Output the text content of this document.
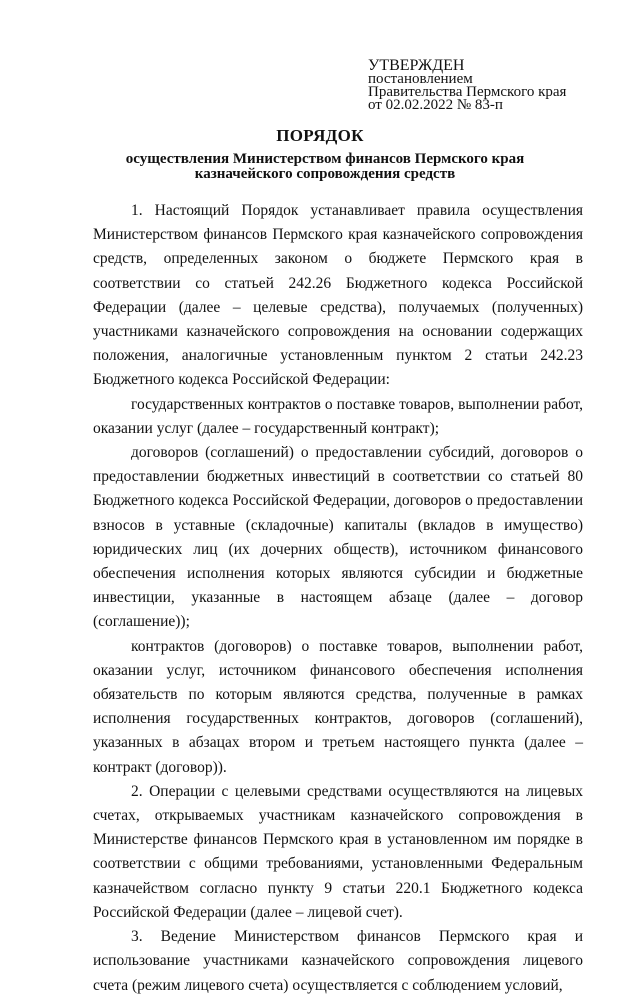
УТВЕРЖДЕН
постановлением
Правительства Пермского края
от 02.02.2022 № 83-п
ПОРЯДОК
осуществления Министерством финансов Пермского края
казначейского сопровождения средств

1. Настоящий Порядок устанавливает правила осуществления Министерством финансов Пермского края казначейского сопровождения средств, определенных законом о бюджете Пермского края в соответствии со статьей 242.26 Бюджетного кодекса Российской Федерации (далее – целевые средства), получаемых (полученных) участниками казначейского сопровождения на основании содержащих положения, аналогичные установленным пунктом 2 статьи 242.23 Бюджетного кодекса Российской Федерации:

государственных контрактов о поставке товаров, выполнении работ, оказании услуг (далее – государственный контракт);

договоров (соглашений) о предоставлении субсидий, договоров о предоставлении бюджетных инвестиций в соответствии со статьей 80 Бюджетного кодекса Российской Федерации, договоров о предоставлении взносов в уставные (складочные) капиталы (вкладов в имущество) юридических лиц (их дочерних обществ), источником финансового обеспечения исполнения которых являются субсидии и бюджетные инвестиции, указанные в настоящем абзаце (далее – договор (соглашение));

контрактов (договоров) о поставке товаров, выполнении работ, оказании услуг, источником финансового обеспечения исполнения обязательств по которым являются средства, полученные в рамках исполнения государственных контрактов, договоров (соглашений), указанных в абзацах втором и третьем настоящего пункта (далее – контракт (договор)).

2. Операции с целевыми средствами осуществляются на лицевых счетах, открываемых участникам казначейского сопровождения в Министерстве финансов Пермского края в установленном им порядке в соответствии с общими требованиями, установленными Федеральным казначейством согласно пункту 9 статьи 220.1 Бюджетного кодекса Российской Федерации (далее – лицевой счет).

3. Ведение Министерством финансов Пермского края и использование участниками казначейского сопровождения лицевого счета (режим лицевого счета) осуществляется с соблюдением условий,
